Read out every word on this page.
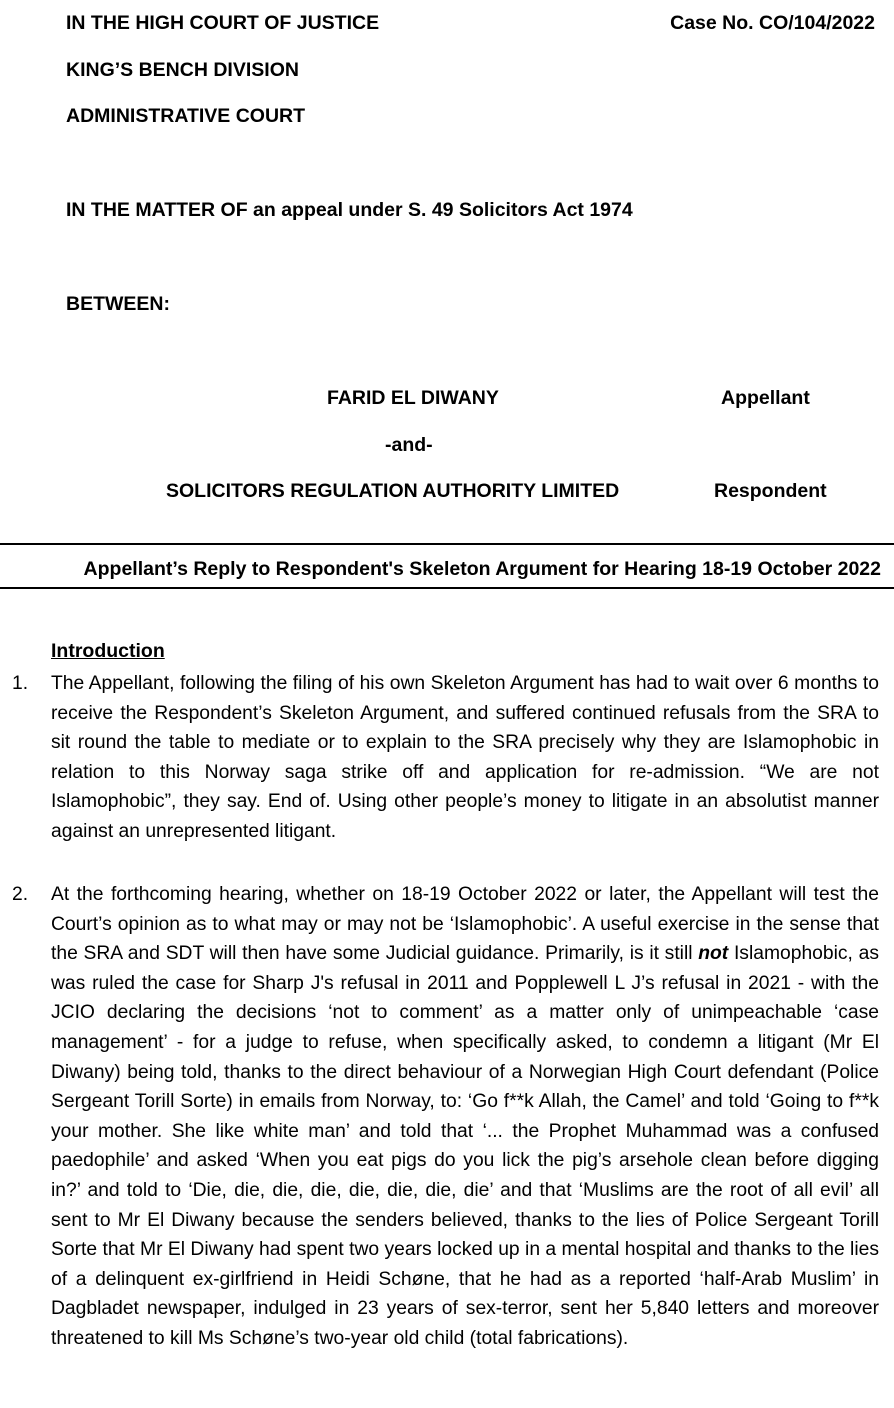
IN THE HIGH COURT OF JUSTICE	Case No. CO/104/2022
KING’S BENCH DIVISION
ADMINISTRATIVE COURT
IN THE MATTER OF an appeal under S. 49 Solicitors Act 1974
BETWEEN:
FARID EL DIWANY	Appellant
-and-
SOLICITORS REGULATION AUTHORITY LIMITED	Respondent
Appellant’s Reply to Respondent's Skeleton Argument for Hearing 18-19 October 2022
Introduction
1. The Appellant, following the filing of his own Skeleton Argument has had to wait over 6 months to receive the Respondent’s Skeleton Argument, and suffered continued refusals from the SRA to sit round the table to mediate or to explain to the SRA precisely why they are Islamophobic in relation to this Norway saga strike off and application for re-admission. “We are not Islamophobic”, they say. End of. Using other people’s money to litigate in an absolutist manner against an unrepresented litigant.
2. At the forthcoming hearing, whether on 18-19 October 2022 or later, the Appellant will test the Court’s opinion as to what may or may not be ‘Islamophobic’. A useful exercise in the sense that the SRA and SDT will then have some Judicial guidance. Primarily, is it still not Islamophobic, as was ruled the case for Sharp J's refusal in 2011 and Popplewell L J’s refusal in 2021 - with the JCIO declaring the decisions ‘not to comment’ as a matter only of unimpeachable ‘case management’ - for a judge to refuse, when specifically asked, to condemn a litigant (Mr El Diwany) being told, thanks to the direct behaviour of a Norwegian High Court defendant (Police Sergeant Torill Sorte) in emails from Norway, to: ‘Go f**k Allah, the Camel’ and told ‘Going to f**k your mother. She like white man’ and told that ‘... the Prophet Muhammad was a confused paedophile’ and asked ‘When you eat pigs do you lick the pig’s arsehole clean before digging in?’ and told to ‘Die, die, die, die, die, die, die, die’ and that ‘Muslims are the root of all evil’ all sent to Mr El Diwany because the senders believed, thanks to the lies of Police Sergeant Torill Sorte that Mr El Diwany had spent two years locked up in a mental hospital and thanks to the lies of a delinquent ex-girlfriend in Heidi Schøne, that he had as a reported ‘half-Arab Muslim’ in Dagbladet newspaper, indulged in 23 years of sex-terror, sent her 5,840 letters and moreover threatened to kill Ms Schøne’s two-year old child (total fabrications).
